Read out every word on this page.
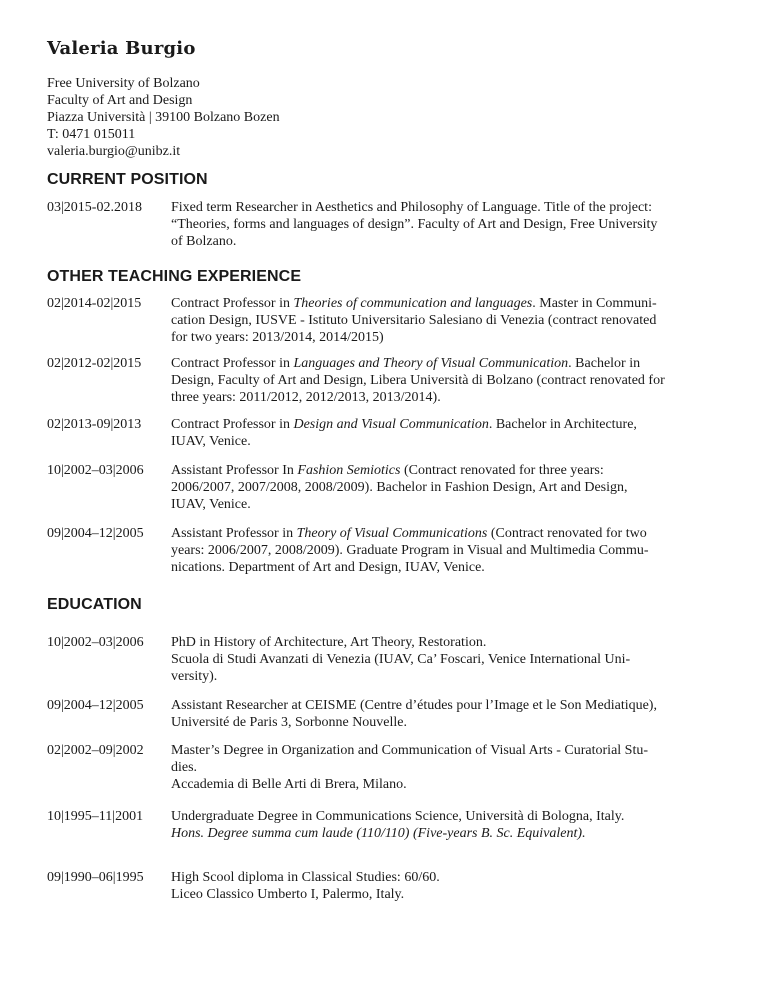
Valeria Burgio
Free University of Bolzano
Faculty of Art and Design
Piazza Università | 39100 Bolzano Bozen
T: 0471 015011
valeria.burgio@unibz.it
CURRENT POSITION
03|2015-02.2018	Fixed term Researcher in Aesthetics and Philosophy of Language. Title of the project:
“Theories, forms and languages of design”. Faculty of Art and Design, Free University
of Bolzano.
OTHER TEACHING EXPERIENCE
02|2014-02|2015	Contract Professor in Theories of communication and languages. Master in Communi-
cation Design, IUSVE - Istituto Universitario Salesiano di Venezia (contract renovated
for two years: 2013/2014, 2014/2015)
02|2012-02|2015	Contract Professor in Languages and Theory of Visual Communication. Bachelor in
Design, Faculty of Art and Design, Libera Università di Bolzano (contract renovated for
three years: 2011/2012, 2012/2013, 2013/2014).
02|2013-09|2013	Contract Professor in Design and Visual Communication. Bachelor in Architecture,
IUAV, Venice.
10|2002–03|2006	Assistant Professor In Fashion Semiotics (Contract renovated for three years:
2006/2007, 2007/2008, 2008/2009). Bachelor in Fashion Design, Art and Design,
IUAV, Venice.
09|2004–12|2005	Assistant Professor in Theory of Visual Communications (Contract renovated for two
years: 2006/2007, 2008/2009). Graduate Program in Visual and Multimedia Commu-
nications. Department of Art and Design, IUAV, Venice.
EDUCATION
10|2002–03|2006	PhD in History of Architecture, Art Theory, Restoration.
Scuola di Studi Avanzati di Venezia (IUAV, Ca’ Foscari, Venice International Uni-
versity).
09|2004–12|2005	Assistant Researcher at CEISME (Centre d’études pour l’Image et le Son Mediatique),
Université de Paris 3, Sorbonne Nouvelle.
02|2002–09|2002	Master’s Degree in Organization and Communication of Visual Arts - Curatorial Stu-
dies.
Accademia di Belle Arti di Brera, Milano.
10|1995–11|2001	Undergraduate Degree in Communications Science, Università di Bologna, Italy.
Hons. Degree summa cum laude (110/110) (Five-years B. Sc. Equivalent).
09|1990–06|1995	High Scool diploma in Classical Studies: 60/60.
Liceo Classico Umberto I, Palermo, Italy.
